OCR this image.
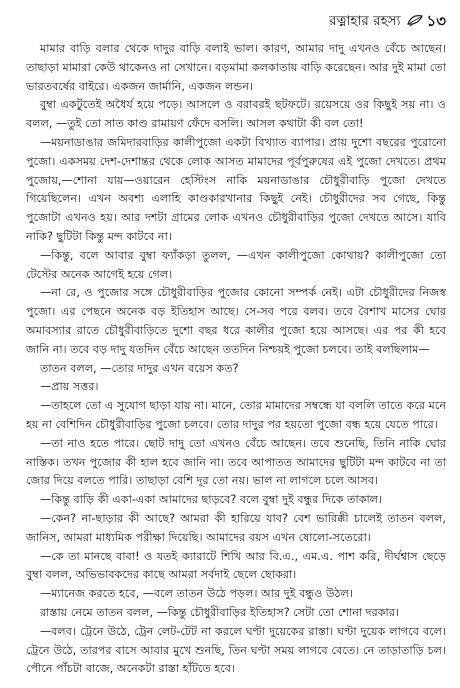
রত্নাহার রহস্য ১৩

মামার বাড়ি বলার থেকে দাদুর বাড়ি বলাই ভাল। কারণ, আমার দাদু এখনও বেঁচে আছেন। তাছাড়া মামারা কেউ থাকেনও না সেখানে। বড়মামা কলকাতায় বাড়ি করেছেন। আর দুই মামা তো ভারতবর্ষের বাইরে। একজন জার্মানি, একজন লন্ডন।

বুম্বা একটুতেই অধৈর্য হয়ে পড়ে। আসলে ও বরাবরই ছটফটে। রয়েসয়ে ওর কিছুই সয় না। ও বলল, —তুই তো সাত কাণ্ড রামায়ণ ফেঁদে বসলি। আসল কথাটা কী বল তো!

—ময়নাডাঙার জমিদারবাড়ির কালীপুজো একটা বিখ্যাত ব্যাপার। প্রায় দুশো বছরের পুরোনো পুজো। একসময় দেশ-দেশান্তর থেকে লোক আসত মামাদের পূর্বপুরুষের এই পুজো দেখতে। প্রথম পুজোয়,—শোনা যায়—ওয়ারেন হেস্টিংস নাকি ময়নাডাঙার চৌধুরীবাড়ি পুজো দেখতে গিয়েছিলেন। এখন অবশ্য এলাহি কাণ্ডকারখানার কিছুই নেই। চৌধুরীদের সব গেছে, কিন্তু পুজোটা এখনও হয়। আর দশটা গ্রামের লোক এখনও চৌধুরীবাড়ির পুজো দেখতে আসে। যাবি নাকি? ছুটিটা কিন্তু মন্দ কাটবে না।

—কিন্তু, বলে আবার বুম্বা ফ্যাঁকড়া তুলল, —এখন কালীপুজো কোথায়? কালীপুজো তো টেস্টের অনেক আগেই হয়ে গেল।

—না রে, ও পুজোর সঙ্গে চৌধুরীবাড়ির পুজোর কোনো সম্পর্ক নেই। এটা চৌধুরীদের নিজস্ব পুজো। এর পেছনে অনেক বড় ইতিহাস আছে। সে-সব পরে বলব। তবে বৈশাখ মাসের ঘোর অমাবস্যার রাতে চৌধুরীবাড়িতে দুশো বছর ধরে কালীর পুজো হয়ে আসছে। এর পর কী হবে জানি না। তবে বড় দাদু যতদিন বেঁচে আছেন ততদিন নিশ্চয়ই পুজো চলবে। তাই বলছিলাম—

তাতন বলল, —তোর দাদুর এখন বয়েস কত?

—প্রায় সত্তর।

—তাহলে তো এ সুযোগ ছাড়া যায় না। মানে, তোর মামাদের সম্বন্ধে যা বললি তাতে করে মনে হয় না বেশিদিন চৌধুরীবাড়ির পুজো চলবে। তোর দাদুর পর হয়তো পুজো বন্ধ হয়ে যেতে পারে।

—তা নাও হতে পারে। ছোট দাদু তো এখনও বেঁচে আছেন। তবে শুনেছি, তিনি নাকি ঘোর নাস্তিক। তখন পুজোর কী হাল হবে জানি না। তবে আপাতত আমাদের ছুটিটা মন্দ কাটবে না তা জোর দিয়ে বলতে পারি। তাছাড়া বেশি দূর তো নয়। ভাল না লাগলে চলে আসব।

—কিন্তু বাড়ি কী একা-একা আমাদের ছাড়বে? বলে বুম্বা দুই বন্ধুর দিকে তাকাল।

—কেন? না-ছাড়ার কী আছে? আমরা কী হারিয়ে যাব? বেশ ভারিক্কী চালেই তাতন বলল, জানিস, আমরা মাধ্যমিক পরীক্ষা দিয়েছি। আমাদের বয়স এখন ষোলো-সতেরো।

—কে তা মানছে বাবা! ও যতই ক্যারাটে শিখি আর বি.এ., এম.এ. পাশ করি, দীর্ঘশ্বাস ছেড়ে বুম্বা বলল, অভিভাবকদের কাছে আমরা সর্বদাই ছেলে ছোকরা।

—ম্যানেজ করতে হবে, —বলে তাতন উঠে পড়ল। আর দুই বন্ধুও উঠল।

রাস্তায় নেমে তাতন বলল, —কিন্তু চৌধুরীবাড়ির ইতিহাস? সেটা তো শোনা দরকার।

—বলব। ট্রেনে উঠে, ট্রেন লেট-টেট না করলে ঘণ্টা দুয়েকের রাস্তা। ঘণ্টা দুয়েক লাগবে বলে। ট্রেনে উঠে, তারপর বাসে আবার মুখে শুনছি, তিন ঘণ্টা সময় লাগবে বেতে। নে তাড়াতাড়ি চল। পৌনে পাঁচটা বাজে, অনেকটা রাস্তা হাঁটতে হবে।
